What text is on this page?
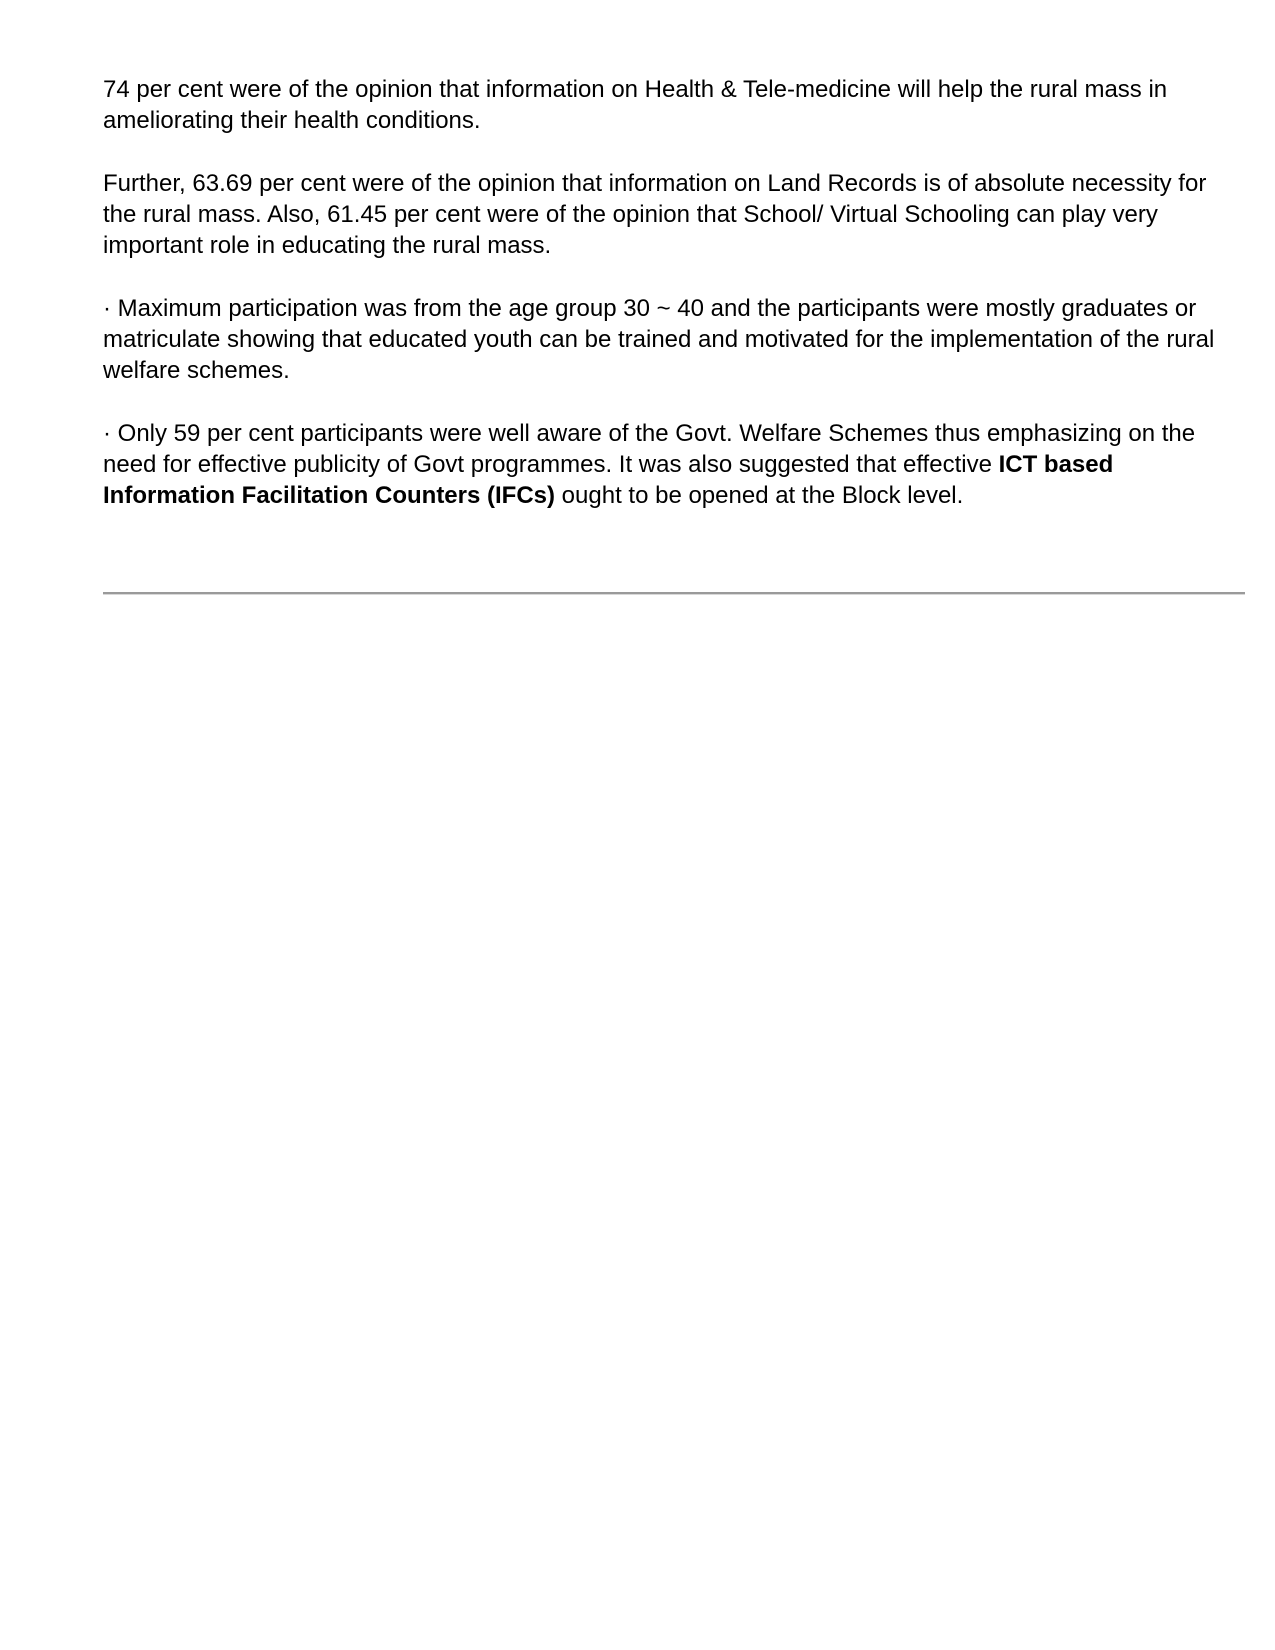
74 per cent were of the opinion that information on Health & Tele-medicine will help the rural mass in ameliorating their health conditions.

Further, 63.69 per cent were of the opinion that information on Land Records is of absolute necessity for the rural mass. Also, 61.45 per cent were of the opinion that School/ Virtual Schooling can play very important role in educating the rural mass.

· Maximum participation was from the age group 30 ~ 40 and the participants were mostly graduates or matriculate showing that educated youth can be trained and motivated for the implementation of the rural welfare schemes.

· Only 59 per cent participants were well aware of the Govt. Welfare Schemes thus emphasizing on the need for effective publicity of Govt programmes. It was also suggested that effective ICT based Information Facilitation Counters (IFCs) ought to be opened at the Block level.
